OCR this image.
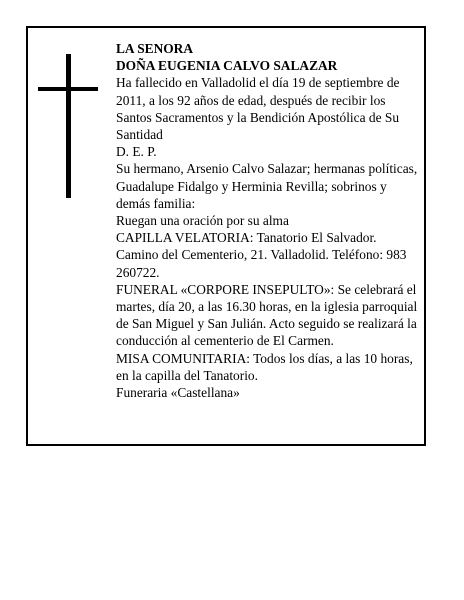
LA SENORA

DOÑA EUGENIA CALVO SALAZAR

Ha fallecido en Valladolid el día 19 de septiembre de 2011, a los 92 años de edad, después de recibir los Santos Sacramentos y la Bendición Apostólica de Su Santidad

D. E. P.

Su hermano, Arsenio Calvo Salazar; hermanas políticas, Guadalupe Fidalgo y Herminia Revilla; sobrinos y demás familia:

Ruegan una oración por su alma

CAPILLA VELATORIA: Tanatorio El Salvador. Camino del Cementerio, 21. Valladolid. Teléfono: 983 260722.

FUNERAL «CORPORE INSEPULTO»: Se celebrará el martes, día 20, a las 16.30 horas, en la iglesia parroquial de San Miguel y San Julián. Acto seguido se realizará la conducción al cementerio de El Carmen.

MISA COMUNITARIA: Todos los días, a las 10 horas, en la capilla del Tanatorio.

Funeraria «Castellana»
